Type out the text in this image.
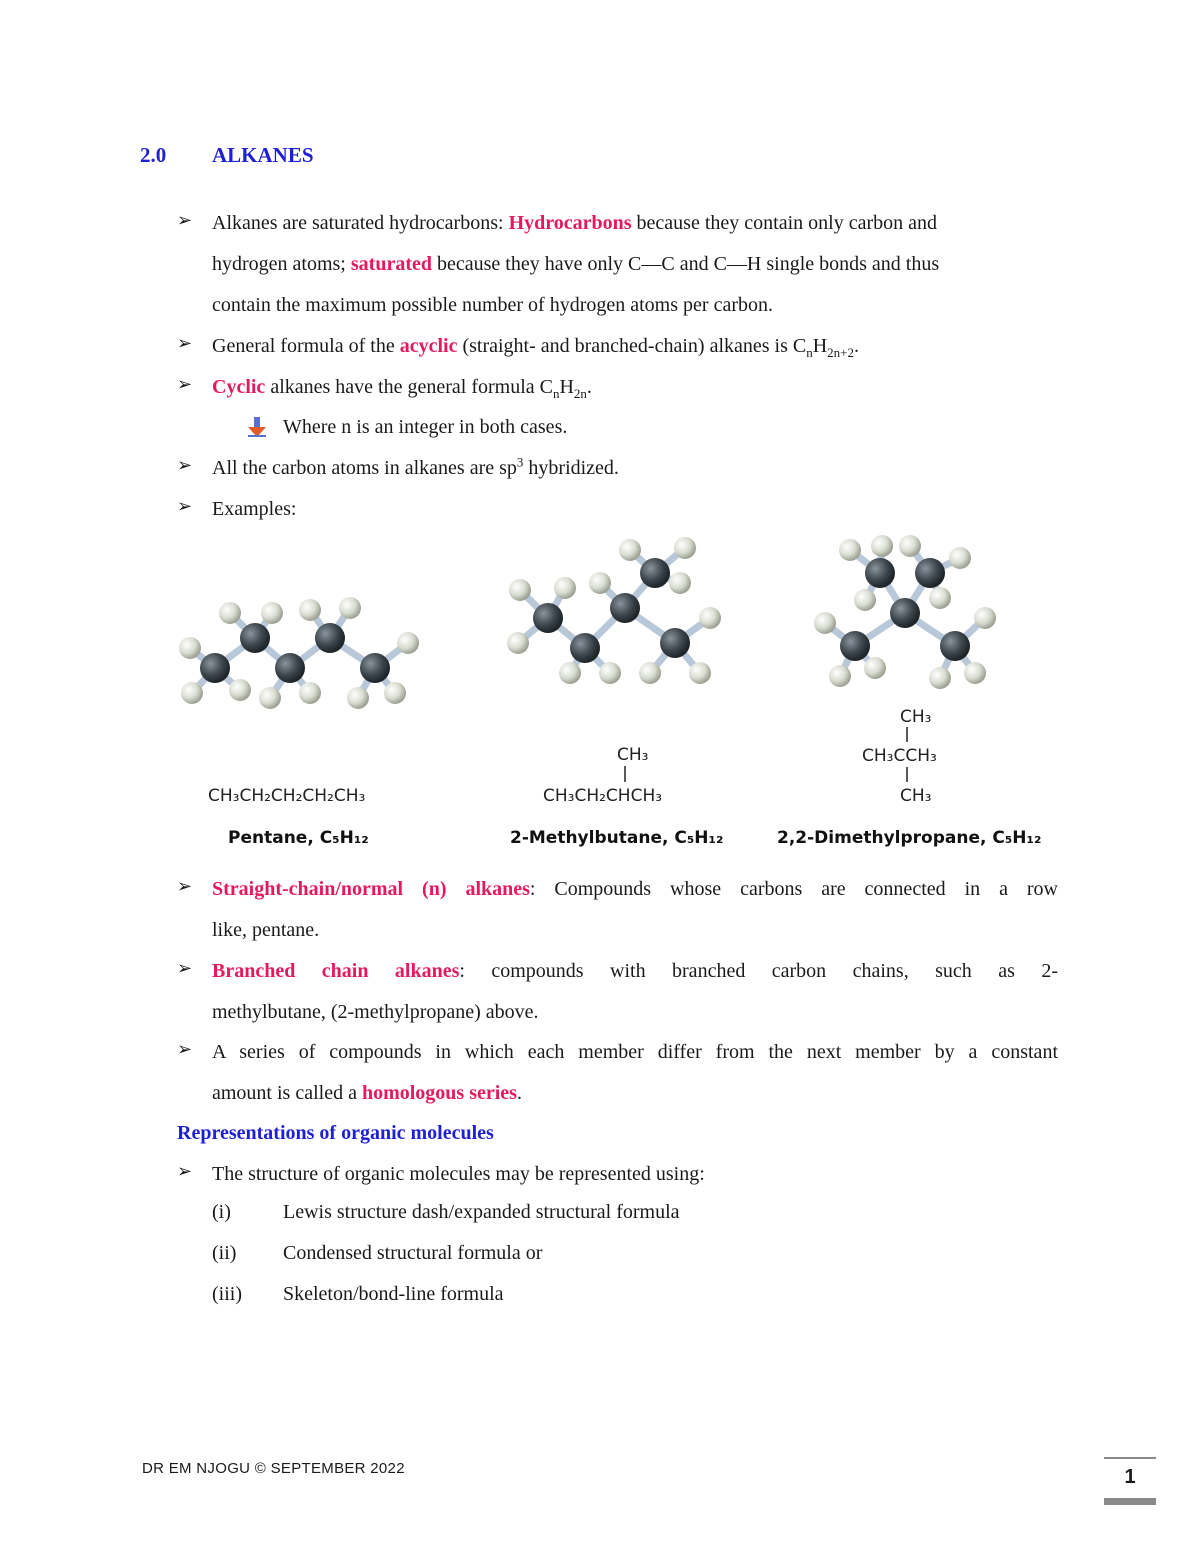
2.0 ALKANES
➢ Alkanes are saturated hydrocarbons: Hydrocarbons because they contain only carbon and
hydrogen atoms; saturated because they have only C—C and C—H single bonds and thus
contain the maximum possible number of hydrogen atoms per carbon.
➢ General formula of the acyclic (straight- and branched-chain) alkanes is $C_nH_{2n+2}$.
➢ Cyclic alkanes have the general formula $C_nH_{2n}$.
Where n is an integer in both cases.
➢ All the carbon atoms in alkanes are $sp^3$ hybridized.
➢ Examples:
CH₃CH₂CH₂CH₂CH₃
Pentane, C₅H₁₂
CH₃
CH₃CH₂CHCH₃
2-Methylbutane, C₅H₁₂
CH₃
CH₃CCH₃
CH₃
2,2-Dimethylpropane, C₅H₁₂
➢ Straight-chain/normal (n) alkanes: Compounds whose carbons are connected in a row
like, pentane.
➢ Branched chain alkanes: compounds with branched carbon chains, such as 2-
methylbutane, (2-methylpropane) above.
➢ A series of compounds in which each member differ from the next member by a constant
amount is called a homologous series.
Representations of organic molecules
➢ The structure of organic molecules may be represented using:
(i)	Lewis structure dash/expanded structural formula
(ii) Condensed structural formula or
(iii) Skeleton/bond-line formula
DR EM NJOGU © SEPTEMBER 2022	1
